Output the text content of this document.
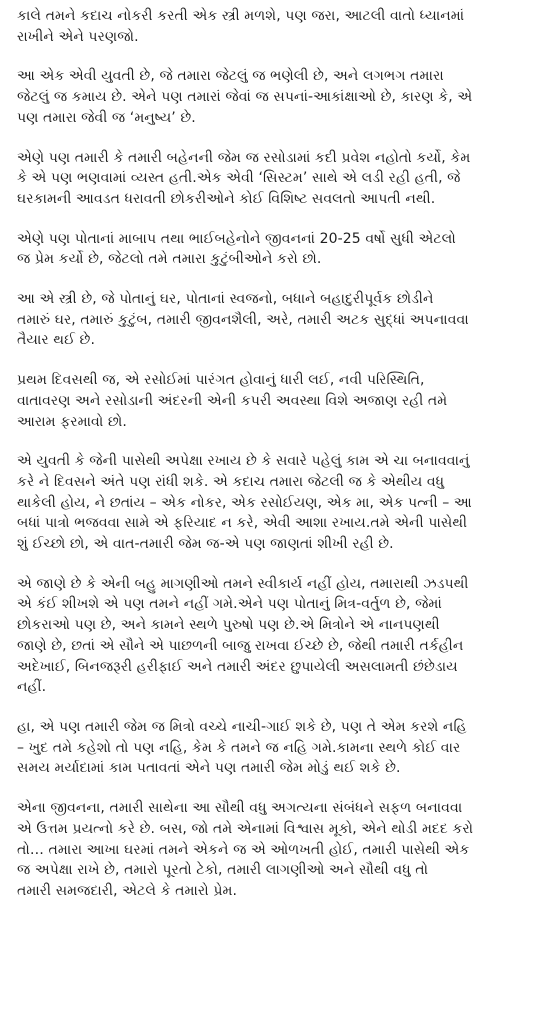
કાલે તમને કદાચ નોકરી કરતી એક સ્ત્રી મળશે, પણ જરા, આટલી વાતો ધ્યાનમાં
રાખીને એને પરણજો.

આ એક એવી યુવતી છે, જે તમારા જેટલું જ ભણેલી છે, અને લગભગ તમારા
જેટલું જ કમાય છે. એને પણ તમારાં જેવાં જ સપનાં-આકાંક્ષાઓ છે, કારણ કે, એ
પણ તમારા જેવી જ ‘મનુષ્ય’ છે.

એણે પણ તમારી કે તમારી બહેનની જેમ જ રસોડામાં કદી પ્રવેશ નહોતો કર્યો, કેમ
કે એ પણ ભણવામાં વ્યસ્ત હતી.એક એવી ‘સિસ્ટમ’ સાથે એ લડી રહી હતી, જે
ઘરકામની આવડત ધરાવતી છોકરીઓને કોઈ વિશિષ્ટ સવલતો આપતી નથી.

એણે પણ પોતાનાં માબાપ તથા ભાઈબહેનોને જીવનનાં 20-25 વર્ષો સુધી એટલો
જ પ્રેમ કર્યો છે, જેટલો તમે તમારા કુટુંબીઓને કરો છો.

આ એ સ્ત્રી છે, જે પોતાનું ઘર, પોતાનાં સ્વજનો, બધાને બહાદુરીપૂર્વક છોડીને
તમારું ઘર, તમારું કુટુંબ, તમારી જીવનશૈલી, અરે, તમારી અટક સુદ્ધાં અપનાવવા
તૈયાર થઈ છે.

પ્રથમ દિવસથી જ, એ રસોઈમાં પારંગત હોવાનું ધારી લઈ, નવી પરિસ્થિતિ,
વાતાવરણ અને રસોડાની અંદરની એની કપરી અવસ્થા વિશે અજાણ રહી તમે
આરામ ફરમાવો છો.

એ યુવતી કે જેની પાસેથી અપેક્ષા રખાય છે કે સવારે પહેલું કામ એ ચા બનાવવાનું
કરે ને દિવસને અંતે પણ રાંધી શકે. એ કદાચ તમારા જેટલી જ કે એથીય વધુ
થાકેલી હોય, ને છતાંય – એક નોકર, એક રસોઈયણ, એક મા, એક પત્ની – આ
બધાં પાત્રો ભજવવા સામે એ ફરિયાદ ન કરે, એવી આશા રખાય.તમે એની પાસેથી
શું ઈચ્છો છો, એ વાત-તમારી જેમ જ-એ પણ જાણતાં શીખી રહી છે.

એ જાણે છે કે એની બહુ માગણીઓ તમને સ્વીકાર્ય નહીં હોય, તમારાથી ઝડપથી
એ કંઈ શીખશે એ પણ તમને નહીં ગમે.એને પણ પોતાનું મિત્ર-વર્તુળ છે, જેમાં
છોકરાઓ પણ છે, અને કામને સ્થળે પુરુષો પણ છે.એ મિત્રોને એ નાનપણથી
જાણે છે, છતાં એ સૌને એ પાછળની બાજુ રાખવા ઈચ્છે છે, જેથી તમારી તર્કહીન
અદેખાઈ, બિનજરૂરી હરીફાઈ અને તમારી અંદર છુપાયેલી અસલામતી છંછેડાય
નહીં.

હા, એ પણ તમારી જેમ જ મિત્રો વચ્ચે નાચી-ગાઈ શકે છે, પણ તે એમ કરશે નહિ
– ખુદ તમે કહેશો તો પણ નહિ, કેમ કે તમને જ નહિ ગમે.કામના સ્થળે કોઈ વાર
સમય મર્યાદામાં કામ પતાવતાં એને પણ તમારી જેમ મોડું થઈ શકે છે.

એના જીવનના, તમારી સાથેના આ સૌથી વધુ અગત્યના સંબંધને સફળ બનાવવા
એ ઉત્તમ પ્રયત્નો કરે છે. બસ, જો તમે એનામાં વિશ્વાસ મૂકો, એને થોડી મદદ કરો
તો… તમારા આખા ઘરમાં તમને એકને જ એ ઓળખતી હોઈ, તમારી પાસેથી એક
જ અપેક્ષા રાખે છે, તમારો પૂરતો ટેકો, તમારી લાગણીઓ અને સૌથી વધુ તો
તમારી સમજદારી, એટલે કે તમારો પ્રેમ.
